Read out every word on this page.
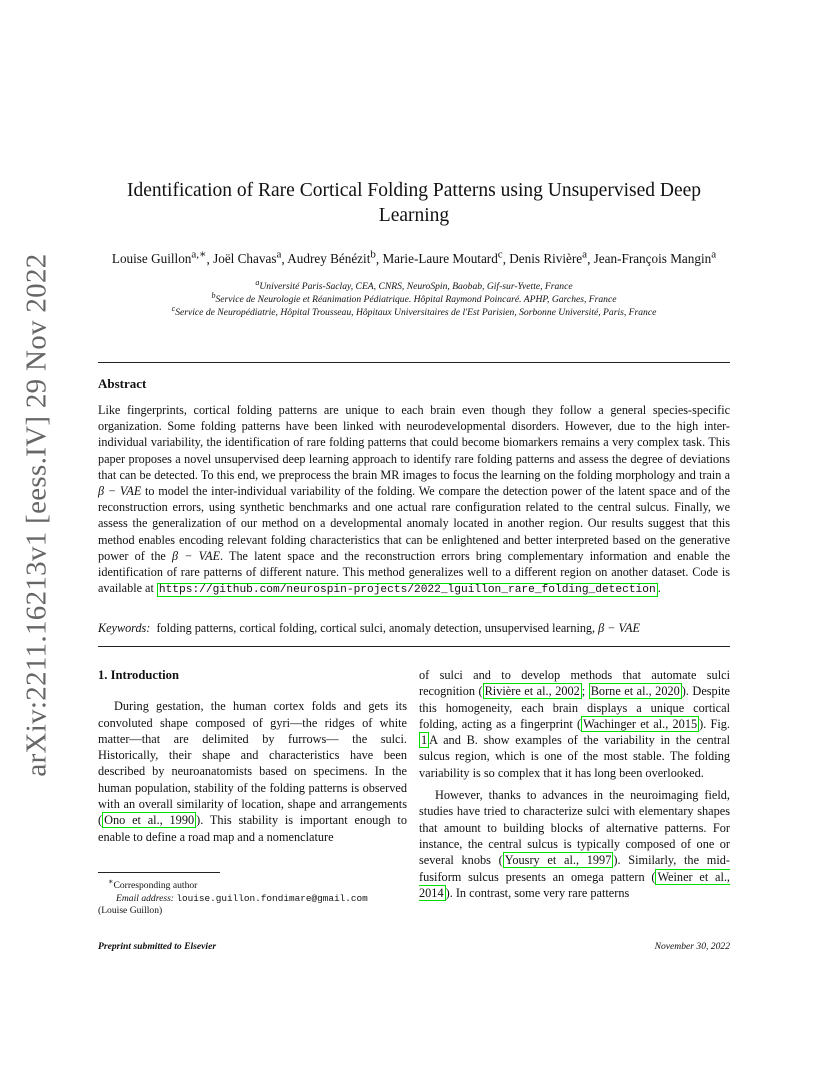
arXiv:2211.16213v1 [eess.IV] 29 Nov 2022
Identification of Rare Cortical Folding Patterns using Unsupervised Deep Learning
Louise Guillon$^{a,∗}$, Joël Chavas$^a$, Audrey Bénézit$^b$, Marie-Laure Moutard$^c$, Denis Rivière$^a$, Jean-François Mangin$^a$
$^a$Université Paris-Saclay, CEA, CNRS, NeuroSpin, Baobab, Gif-sur-Yvette, France
$^b$Service de Neurologie et Réanimation Pédiatrique. Hôpital Raymond Poincaré. APHP, Garches, France
$^c$Service de Neuropédiatrie, Hôpital Trousseau, Hôpitaux Universitaires de l'Est Parisien, Sorbonne Université, Paris, France
Abstract
Like fingerprints, cortical folding patterns are unique to each brain even though they follow a general species-specific organization. Some folding patterns have been linked with neurodevelopmental disorders. However, due to the high inter-individual variability, the identification of rare folding patterns that could become biomarkers remains a very complex task. This paper proposes a novel unsupervised deep learning approach to identify rare folding patterns and assess the degree of deviations that can be detected. To this end, we preprocess the brain MR images to focus the learning on the folding morphology and train a β − VAE to model the inter-individual variability of the folding. We compare the detection power of the latent space and of the reconstruction errors, using synthetic benchmarks and one actual rare configuration related to the central sulcus. Finally, we assess the generalization of our method on a developmental anomaly located in another region. Our results suggest that this method enables encoding relevant folding characteristics that can be enlightened and better interpreted based on the generative power of the β − VAE. The latent space and the reconstruction errors bring complementary information and enable the identification of rare patterns of different nature. This method generalizes well to a different region on another dataset. Code is available at https://github.com/neurospin-projects/2022_lguillon_rare_folding_detection .
Keywords: folding patterns, cortical folding, cortical sulci, anomaly detection, unsupervised learning, β − VAE
1. Introduction

During gestation, the human cortex folds and gets its convoluted shape composed of gyri—the ridges of white matter—that are delimited by furrows— the sulci. Historically, their shape and characteristics have been described by neuroanatomists based on specimens. In the human population, stability of the folding patterns is observed with an overall similarity of location, shape and arrangements ( Ono et al., 1990 ). This stability is important enough to enable to define a road map and a nomenclature

of sulci and to develop methods that automate sulci recognition ( Rivière et al., 2002 ; Borne et al., 2020 ). Despite this homogeneity, each brain displays a unique cortical folding, acting as a fingerprint ( Wachinger et al., 2015 ). Fig. 1 A and B. show examples of the variability in the central sulcus region, which is one of the most stable. The folding variability is so complex that it has long been overlooked.

However, thanks to advances in the neuroimaging field, studies have tried to characterize sulci with elementary shapes that amount to building blocks of alternative patterns. For instance, the central sulcus is typically composed of one or several knobs ( Yousry et al., 1997 ). Similarly, the mid-fusiform sulcus presents an omega pattern ( Weiner et al., 2014 ). In contrast, some very rare patterns

∗Corresponding author
Email address: louise.guillon.fondimare@gmail.com
(Louise Guillon)
Preprint submitted to Elsevier	November 30, 2022
